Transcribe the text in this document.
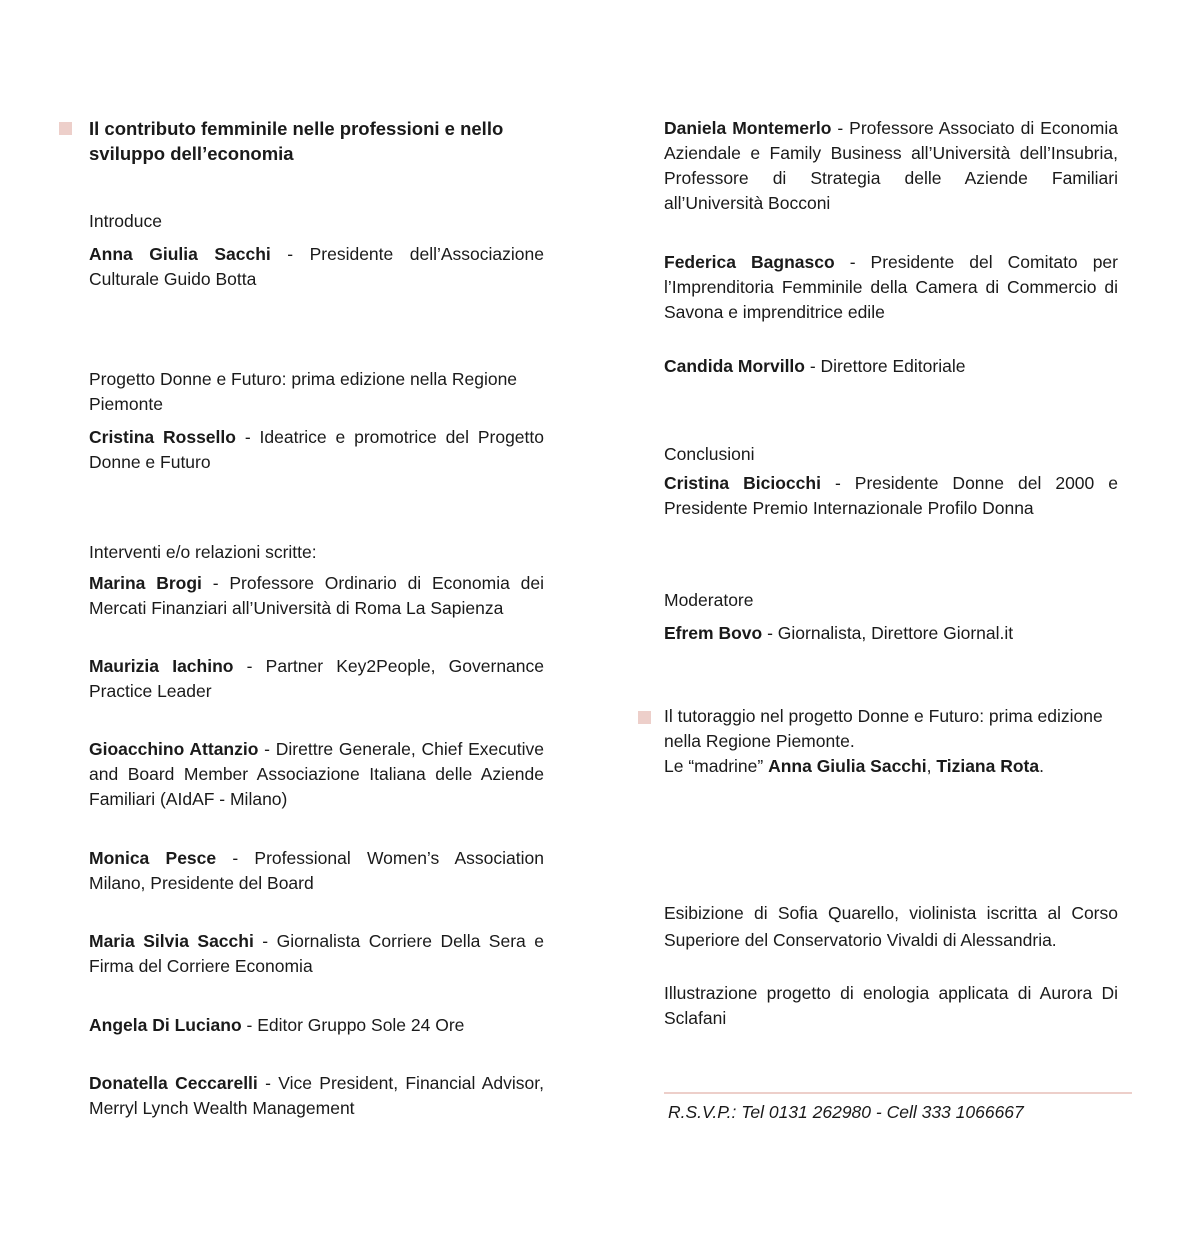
Il contributo femminile nelle professioni e nello sviluppo dell’economia

Introduce

Anna Giulia Sacchi - Presidente dell’Associazione Culturale Guido Botta

Progetto Donne e Futuro: prima edizione nella Regione Piemonte

Cristina Rossello - Ideatrice e promotrice del Progetto Donne e Futuro

Interventi e/o relazioni scritte:

Marina Brogi - Professore Ordinario di Economia dei Mercati Finanziari all’Università di Roma La Sapienza

Maurizia Iachino - Partner Key2People, Governance Practice Leader

Gioacchino Attanzio - Direttre Generale, Chief Executive and Board Member Associazione Italiana delle Aziende Familiari (AIdAF - Milano)

Monica Pesce - Professional Women’s Association Milano, Presidente del Board

Maria Silvia Sacchi - Giornalista Corriere Della Sera e Firma del Corriere Economia

Angela Di Luciano - Editor Gruppo Sole 24 Ore

Donatella Ceccarelli - Vice President, Financial Advisor, Merryl Lynch Wealth Management

Daniela Montemerlo - Professore Associato di Economia Aziendale e Family Business all’Università dell’Insubria, Professore di Strategia delle Aziende Familiari all’Università Bocconi

Federica Bagnasco - Presidente del Comitato per l’Imprenditoria Femminile della Camera di Commercio di Savona e imprenditrice edile

Candida Morvillo - Direttore Editoriale

Conclusioni

Cristina Biciocchi - Presidente Donne del 2000 e Presidente Premio Internazionale Profilo Donna

Moderatore

Efrem Bovo - Giornalista, Direttore Giornal.it

Il tutoraggio nel progetto Donne e Futuro: prima edizione nella Regione Piemonte.

Le “madrine” Anna Giulia Sacchi, Tiziana Rota.

Esibizione di Sofia Quarello, violinista iscritta al Corso Superiore del Conservatorio Vivaldi di Alessandria.

Illustrazione progetto di enologia applicata di Aurora Di Sclafani

R.S.V.P.: Tel 0131 262980 - Cell 333 1066667
